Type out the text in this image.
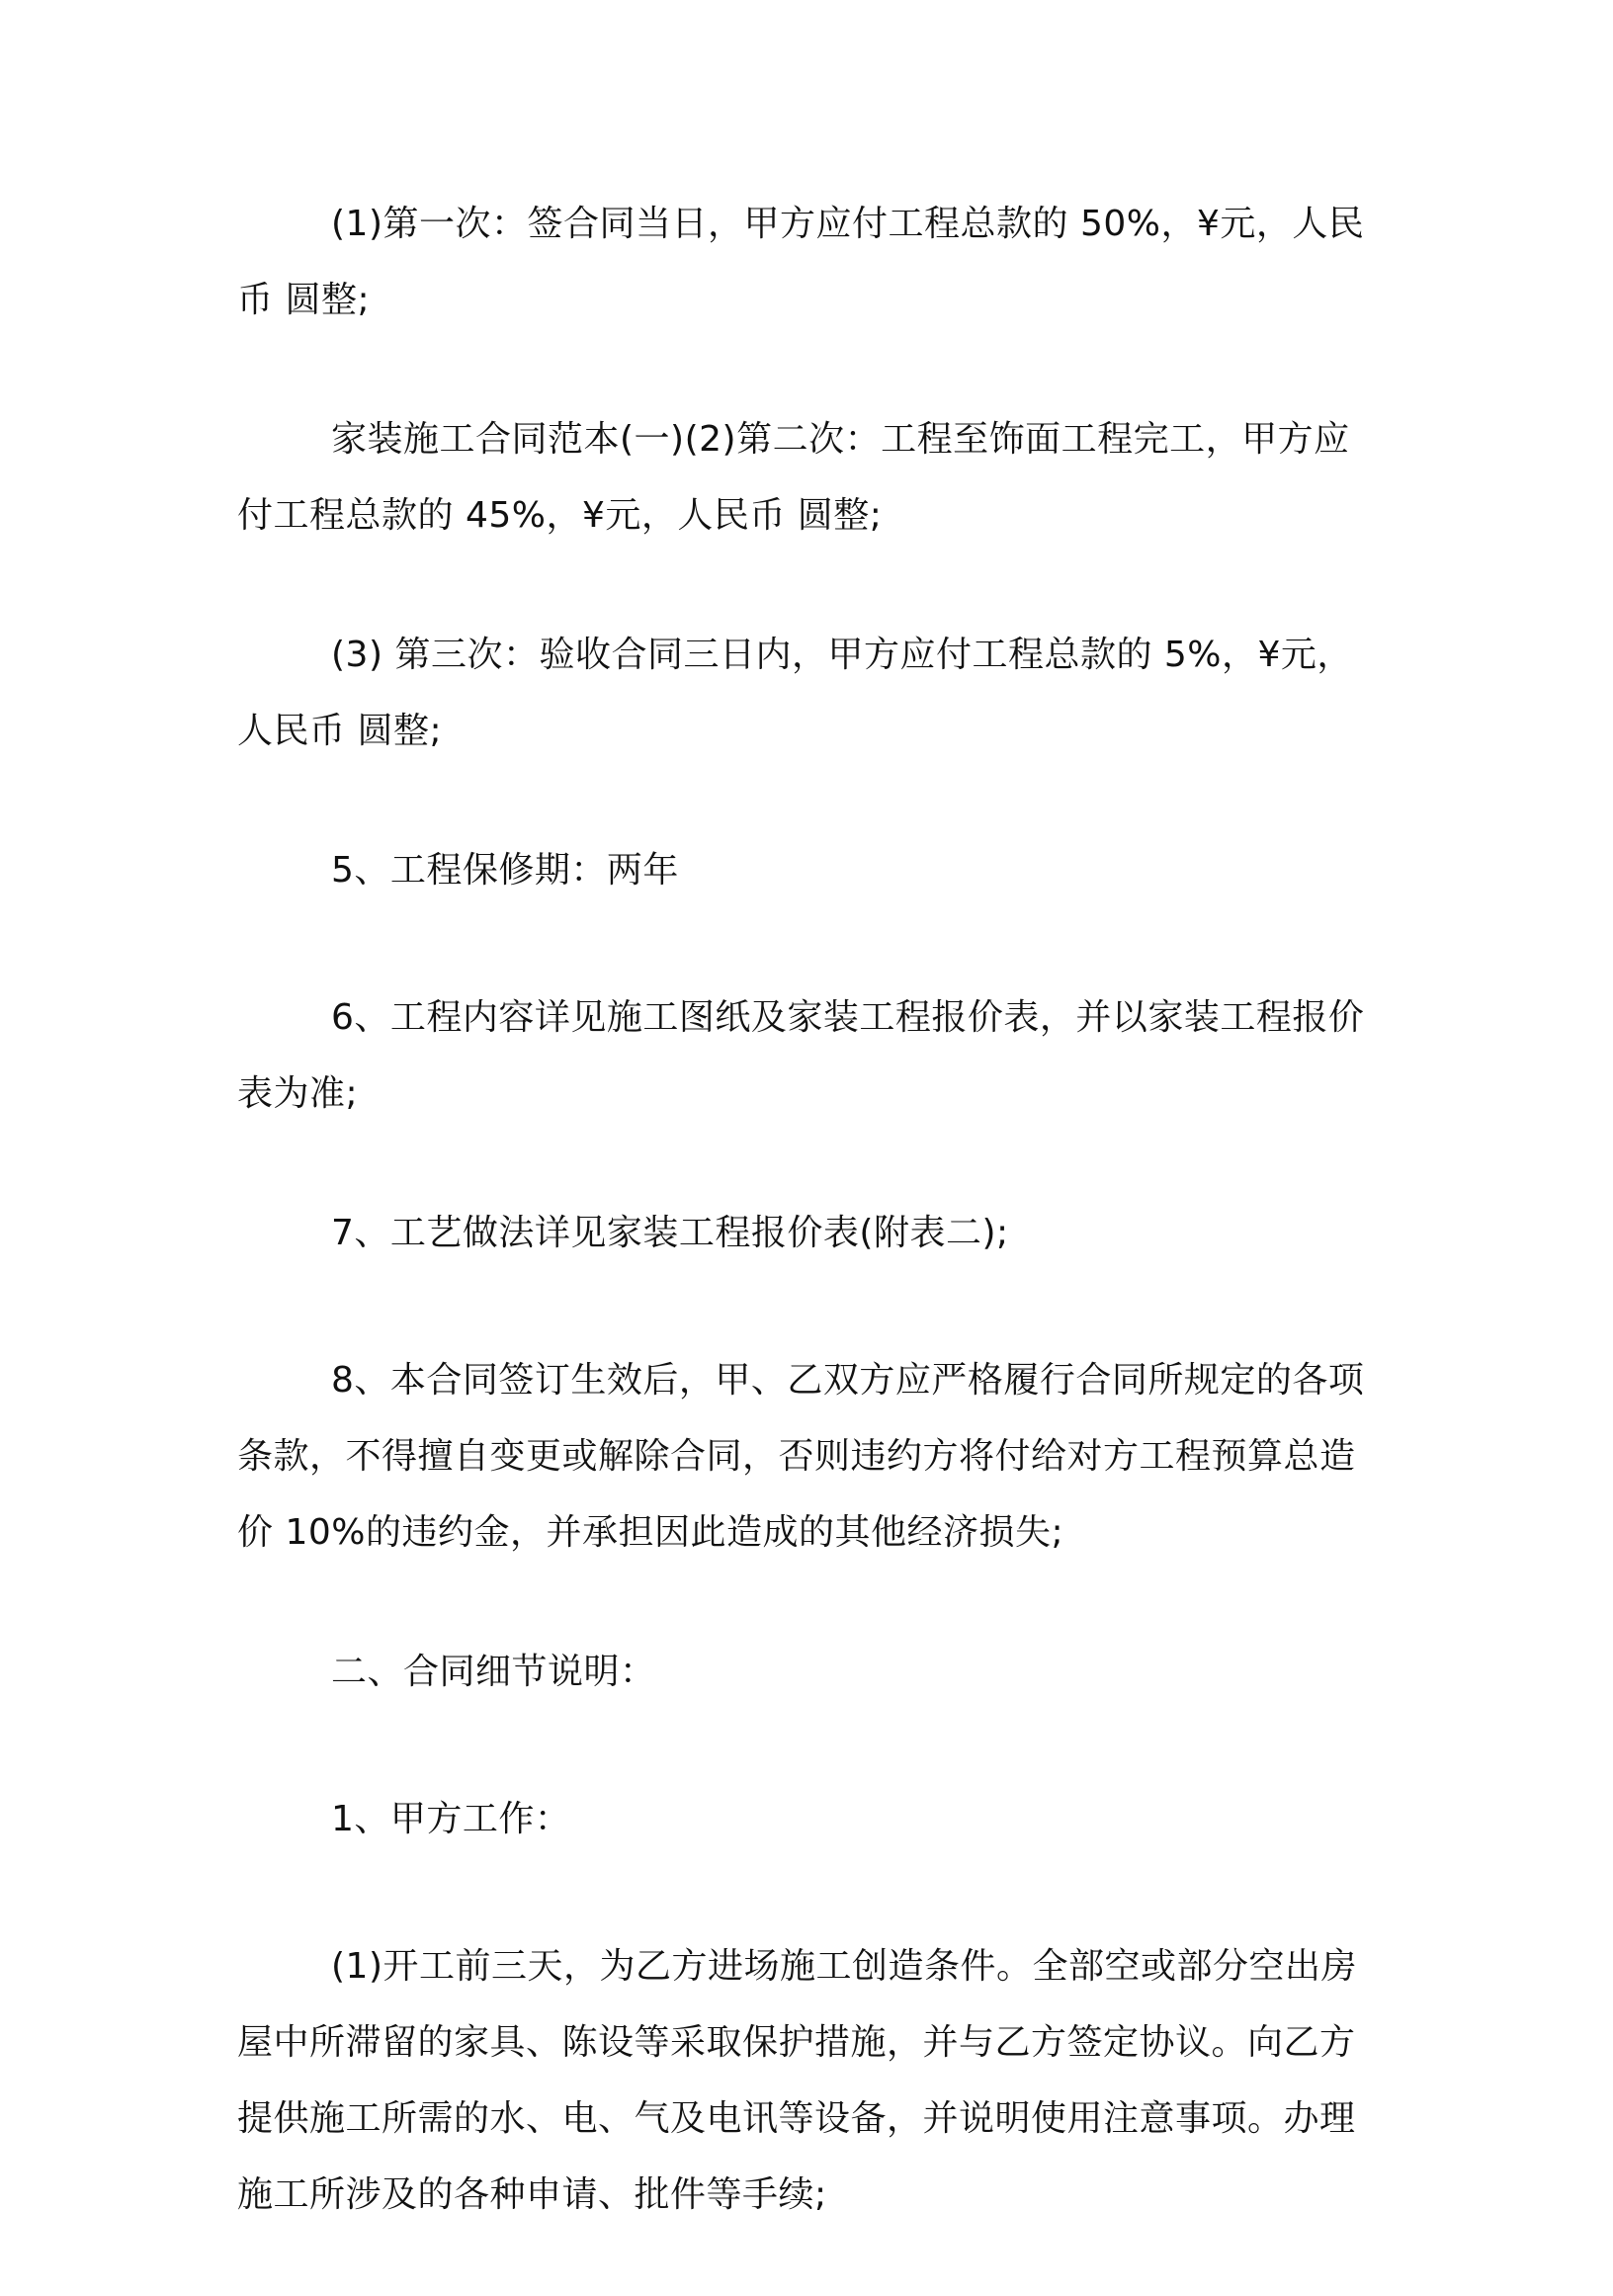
(1)第一次：签合同当日，甲方应付工程总款的 50%，¥元，人民币 圆整;

家装施工合同范本(一)(2)第二次：工程至饰面工程完工，甲方应付工程总款的 45%，¥元，人民币 圆整;

(3) 第三次：验收合同三日内，甲方应付工程总款的 5%，¥元，人民币 圆整;

5、工程保修期：两年

6、工程内容详见施工图纸及家装工程报价表，并以家装工程报价表为准;

7、工艺做法详见家装工程报价表(附表二);

8、本合同签订生效后，甲、乙双方应严格履行合同所规定的各项条款，不得擅自变更或解除合同，否则违约方将付给对方工程预算总造价 10%的违约金，并承担因此造成的其他经济损失;

二、合同细节说明：

1、甲方工作：

(1)开工前三天，为乙方进场施工创造条件。全部空或部分空出房屋中所滞留的家具、陈设等采取保护措施，并与乙方签定协议。向乙方提供施工所需的水、电、气及电讯等设备，并说明使用注意事项。办理施工所涉及的各种申请、批件等手续;
